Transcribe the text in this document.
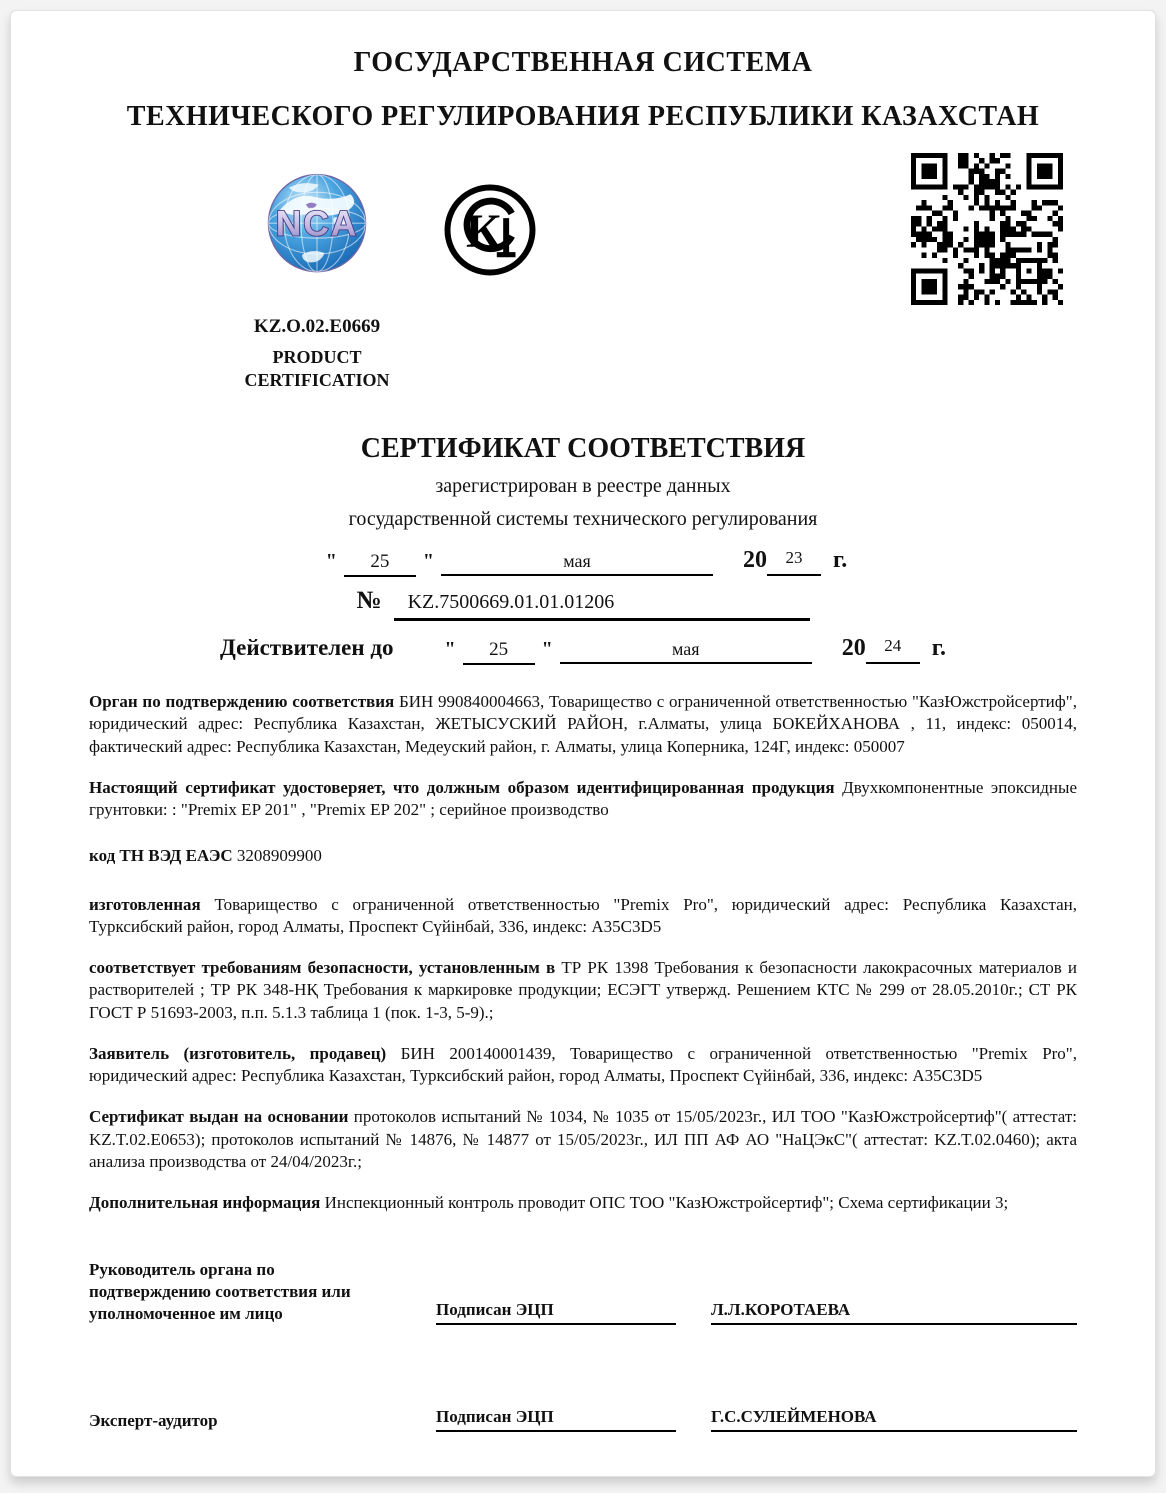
ГОСУДАРСТВЕННАЯ СИСТЕМА
ТЕХНИЧЕСКОГО РЕГУЛИРОВАНИЯ РЕСПУБЛИКИ КАЗАХСТАН
NCA
KZ.O.02.E0669
PRODUCT
CERTIFICATION
К
СЕРТИФИКАТ СООТВЕТСТВИЯ
зарегистрирован в реестре данных
государственной системы технического регулирования
"	25	"	мая	20	23	г.
№	KZ.7500669.01.01.01206
Действителен до	"	25	"	мая	20	24	г.

Орган по подтверждению соответствия БИН 990840004663, Товарищество с ограниченной ответственностью "КазЮжстройсертиф", юридический адрес: Республика Казахстан, ЖЕТЫСУСКИЙ РАЙОН, г.Алматы, улица БОКЕЙХАНОВА , 11, индекс: 050014, фактический адрес: Республика Казахстан, Медеуский район, г. Алматы, улица Коперника, 124Г, индекс: 050007

Настоящий сертификат удостоверяет, что должным образом идентифицированная продукция Двухкомпонентные эпоксидные грунтовки: : "Premix EP 201" , "Premix EP 202" ; серийное производство

код ТН ВЭД ЕАЭС 3208909900

изготовленная Товарищество с ограниченной ответственностью "Premix Pro", юридический адрес: Республика Казахстан, Турксибский район, город Алматы, Проспект Сүйінбай, 336, индекс: A35C3D5

соответствует требованиям безопасности, установленным в ТР РК 1398 Требования к безопасности лакокрасочных материалов и растворителей ; ТР РК 348-НҚ Требования к маркировке продукции; ЕСЭГТ утвержд. Решением КТС № 299 от 28.05.2010г.; СТ РК ГОСТ Р 51693-2003, п.п. 5.1.3 таблица 1 (пок. 1-3, 5-9).;

Заявитель (изготовитель, продавец) БИН 200140001439, Товарищество с ограниченной ответственностью "Premix Pro", юридический адрес: Республика Казахстан, Турксибский район, город Алматы, Проспект Сүйінбай, 336, индекс: A35C3D5

Сертификат выдан на основании протоколов испытаний № 1034, № 1035 от 15/05/2023г., ИЛ ТОО "КазЮжстройсертиф"( аттестат: KZ.T.02.E0653); протоколов испытаний № 14876, № 14877 от 15/05/2023г., ИЛ ПП АФ АО "НаЦЭкС"( аттестат: KZ.T.02.0460); акта анализа производства от 24/04/2023г.;

Дополнительная информация Инспекционный контроль проводит ОПС ТОО "КазЮжстройсертиф"; Схема сертификации 3;

Руководитель органа по подтверждению соответствия или уполномоченное им лицо	Подписан ЭЦП	Л.Л.КОРОТАЕВА
Эксперт-аудитор	Подписан ЭЦП	Г.С.СУЛЕЙМЕНОВА
